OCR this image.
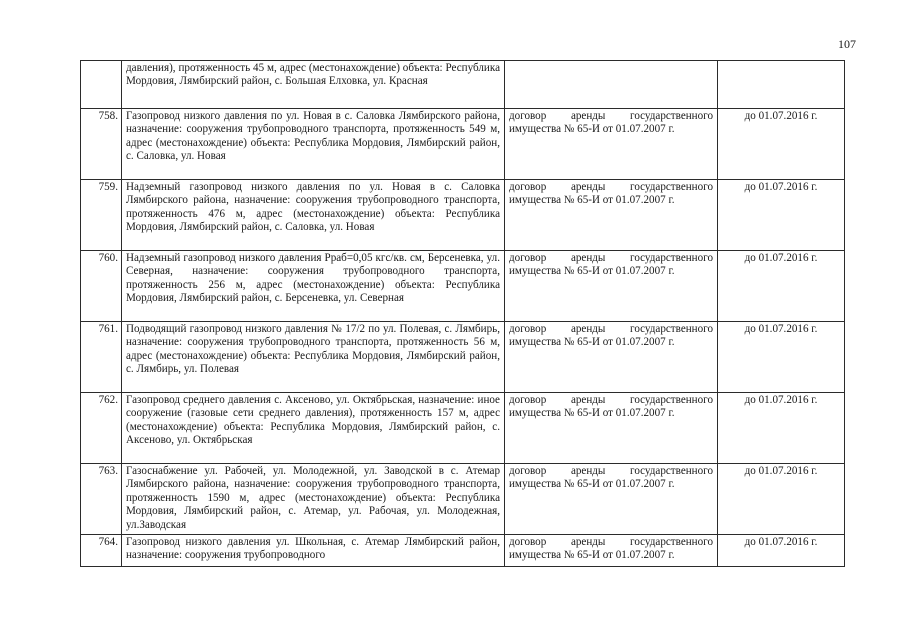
107
	давления), протяженность 45 м, адрес (местонахождение) объекта: Республика Мордовия, Лямбирский район, с. Большая Елховка, ул. Красная		
758.	Газопровод низкого давления по ул. Новая в с. Саловка Лямбирского района, назначение: сооружения трубопроводного транспорта, протяженность 549 м, адрес (местонахождение) объекта: Республика Мордовия, Лямбирский район, с. Саловка, ул. Новая	договор аренды государственного имущества № 65-И от 01.07.2007 г.	до 01.07.2016 г.
759.	Надземный газопровод низкого давления по ул. Новая в с. Саловка Лямбирского района, назначение: сооружения трубопроводного транспорта, протяженность 476 м, адрес (местонахождение) объекта: Республика Мордовия, Лямбирский район, с. Саловка, ул. Новая	договор аренды государственного имущества № 65-И от 01.07.2007 г.	до 01.07.2016 г.
760.	Надземный газопровод низкого давления Рраб=0,05 кгс/кв. см, Берсеневка, ул. Северная, назначение: сооружения трубопроводного транспорта, протяженность 256 м, адрес (местонахождение) объекта: Республика Мордовия, Лямбирский район, с. Берсеневка, ул. Северная	договор аренды государственного имущества № 65-И от 01.07.2007 г.	до 01.07.2016 г.
761.	Подводящий газопровод низкого давления № 17/2 по ул. Полевая, с. Лямбирь, назначение: сооружения трубопроводного транспорта, протяженность 56 м, адрес (местонахождение) объекта: Республика Мордовия, Лямбирский район, с. Лямбирь, ул. Полевая	договор аренды государственного имущества № 65-И от 01.07.2007 г.	до 01.07.2016 г.
762.	Газопровод среднего давления с. Аксеново, ул. Октябрьская, назначение: иное сооружение (газовые сети среднего давления), протяженность 157 м, адрес (местонахождение) объекта: Республика Мордовия, Лямбирский район, с. Аксеново, ул. Октябрьская	договор аренды государственного имущества № 65-И от 01.07.2007 г.	до 01.07.2016 г.
763.	Газоснабжение ул. Рабочей, ул. Молодежной, ул. Заводской в с. Атемар Лямбирского района, назначение: сооружения трубопроводного транспорта, протяженность 1590 м, адрес (местонахождение) объекта: Республика Мордовия, Лямбирский район, с. Атемар, ул. Рабочая, ул. Молодежная, ул.Заводская	договор аренды государственного имущества № 65-И от 01.07.2007 г.	до 01.07.2016 г.
764.	Газопровод низкого давления ул. Школьная, с. Атемар Лямбирский район, назначение: сооружения трубопроводного	договор аренды государственного имущества № 65-И от 01.07.2007 г.	до 01.07.2016 г.
